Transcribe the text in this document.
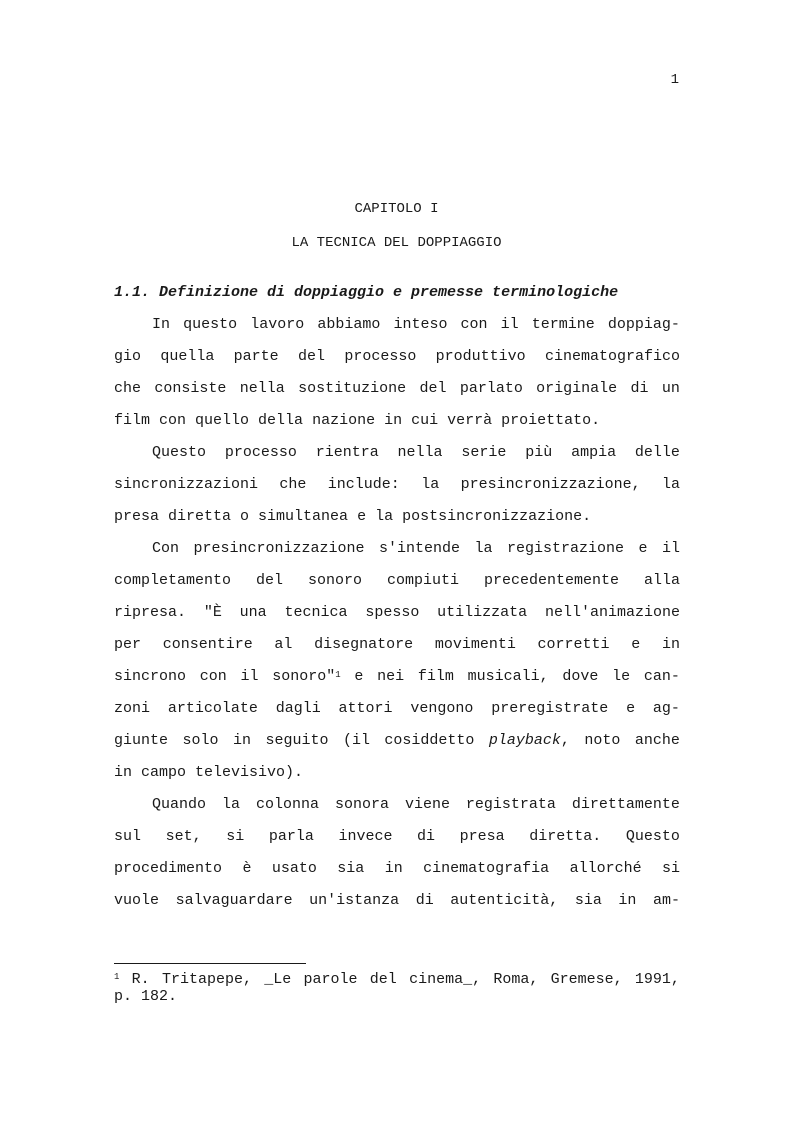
1
CAPITOLO I
LA TECNICA DEL DOPPIAGGIO
1.1. Definizione di doppiaggio e premesse terminologiche
In questo lavoro abbiamo inteso con il termine doppiag-
gio quella parte del processo produttivo cinematografico
che consiste nella sostituzione del parlato originale di un
film con quello della nazione in cui verrà proiettato.
Questo processo rientra nella serie più ampia delle
sincronizzazioni che include: la presincronizzazione, la
presa diretta o simultanea e la postsincronizzazione.
Con presincronizzazione s'intende la registrazione e il
completamento del sonoro compiuti precedentemente alla
ripresa. "È una tecnica spesso utilizzata nell'animazione
per consentire al disegnatore movimenti corretti e in
sincrono con il sonoro"$^1$ e nei film musicali, dove le can-
zoni articolate dagli attori vengono preregistrate e ag-
giunte solo in seguito (il cosiddetto playback, noto anche
in campo televisivo).
Quando la colonna sonora viene registrata direttamente
sul set, si parla invece di presa diretta. Questo
procedimento è usato sia in cinematografia allorché si
vuole salvaguardare un'istanza di autenticità, sia in am-
$^1$ R. Tritapepe, _Le parole del cinema_, Roma, Gremese, 1991,
p. 182.
